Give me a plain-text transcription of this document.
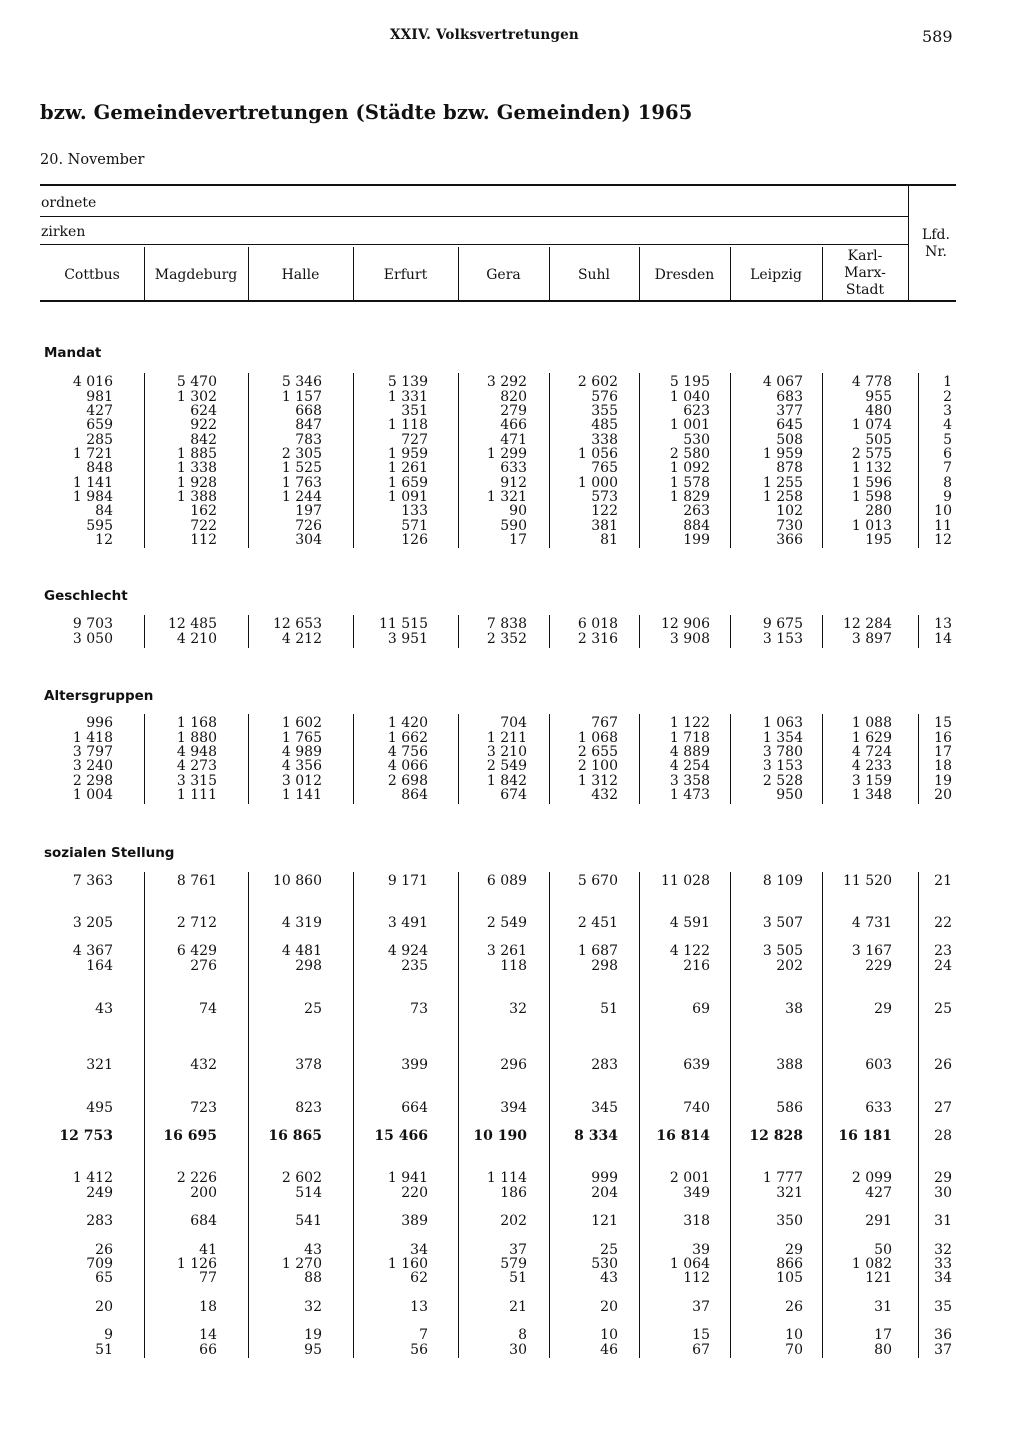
XXIV. Volksvertretungen	589
bzw. Gemeindevertretungen (Städte bzw. Gemeinden) 1965
20. November
ordnete
zirken	Lfd.
Nr.
Cottbus	Magdeburg	Halle	Erfurt	Gera	Suhl	Dresden	Leipzig
Karl-
Marx-
Stadt
Mandat
4 016	5 470	5 346	5 139	3 292	2 602	5 195	4 067	4 778	1
981	1 302	1 157	1 331	820	576	1 040	683	955	2
427	624	668	351	279	355	623	377	480	3
659	922	847	1 118	466	485	1 001	645	1 074	4
285	842	783	727	471	338	530	508	505	5
1 721	1 885	2 305	1 959	1 299	1 056	2 580	1 959	2 575	6
848	1 338	1 525	1 261	633	765	1 092	878	1 132	7
1 141	1 928	1 763	1 659	912	1 000	1 578	1 255	1 596	8
1 984	1 388	1 244	1 091	1 321	573	1 829	1 258	1 598	9
84	162	197	133	90	122	263	102	280	10
595	722	726	571	590	381	884	730	1 013	11
12	112	304	126	17	81	199	366	195	12
Geschlecht
9 703	12 485	12 653	11 515	7 838	6 018	12 906	9 675	12 284	13
3 050	4 210	4 212	3 951	2 352	2 316	3 908	3 153	3 897	14
Altersgruppen
996	1 168	1 602	1 420	704	767	1 122	1 063	1 088	15
1 418	1 880	1 765	1 662	1 211	1 068	1 718	1 354	1 629	16
3 797	4 948	4 989	4 756	3 210	2 655	4 889	3 780	4 724	17
3 240	4 273	4 356	4 066	2 549	2 100	4 254	3 153	4 233	18
2 298	3 315	3 012	2 698	1 842	1 312	3 358	2 528	3 159	19
1 004	1 111	1 141	864	674	432	1 473	950	1 348	20
sozialen Stellung
7 363	8 761	10 860	9 171	6 089	5 670	11 028	8 109	11 520	21
3 205	2 712	4 319	3 491	2 549	2 451	4 591	3 507	4 731	22
4 367	6 429	4 481	4 924	3 261	1 687	4 122	3 505	3 167	23
164	276	298	235	118	298	216	202	229	24
43	74	25	73	32	51	69	38	29	25
321	432	378	399	296	283	639	388	603	26
495	723	823	664	394	345	740	586	633	27
12 753	16 695	16 865	15 466	10 190	8 334	16 814	12 828	16 181	28
1 412	2 226	2 602	1 941	1 114	999	2 001	1 777	2 099	29
249	200	514	220	186	204	349	321	427	30
283	684	541	389	202	121	318	350	291	31
26	41	43	34	37	25	39	29	50	32
709	1 126	1 270	1 160	579	530	1 064	866	1 082	33
65	77	88	62	51	43	112	105	121	34
20	18	32	13	21	20	37	26	31	35
9	14	19	7	8	10	15	10	17	36
51	66	95	56	30	46	67	70	80	37
